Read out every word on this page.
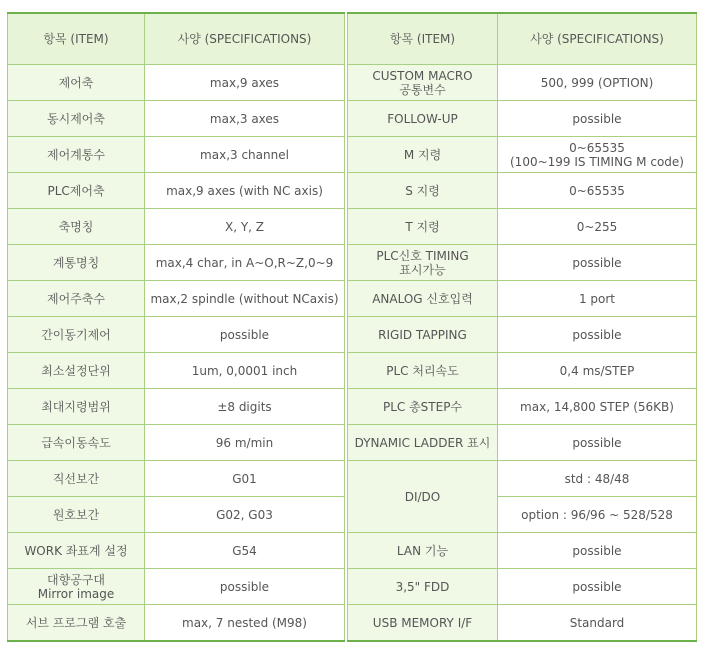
항목 (ITEM)	사양 (SPECIFICATIONS)
제어축	max,9 axes
동시제어축	max,3 axes
제어계통수	max,3 channel
PLC제어축	max,9 axes (with NC axis)
축명칭	X, Y, Z
계통명칭	max,4 char, in A~O,R~Z,0~9
제어주축수	max,2 spindle (without NCaxis)
간이동기제어	possible
최소설정단위	1um, 0,0001 inch
최대지령범위	±8 digits
급속이동속도	96 m/min
직선보간	G01
원호보간	G02, G03
WORK 좌표계 설정	G54

대향공구대
Mirror image	possible
서브 프로그램 호출	max, 7 nested (M98)
항목 (ITEM)	사양 (SPECIFICATIONS)

CUSTOM MACRO
공통변수	500, 999 (OPTION)
FOLLOW-UP	possible
M 지령	0~65535
(100~199 IS TIMING M code)

S 지령	0~65535
T 지령	0~255

PLC신호 TIMING
표시가능	possible
ANALOG 신호입력	1 port
RIGID TAPPING	possible
PLC 처리속도	0,4 ms/STEP
PLC 총STEP수	max, 14,800 STEP (56KB)
DYNAMIC LADDER 표시	possible
DI/DO	std : 48/48
	option : 96/96 ~ 528/528
LAN 기능	possible
3,5" FDD	possible
USB MEMORY I/F	Standard
